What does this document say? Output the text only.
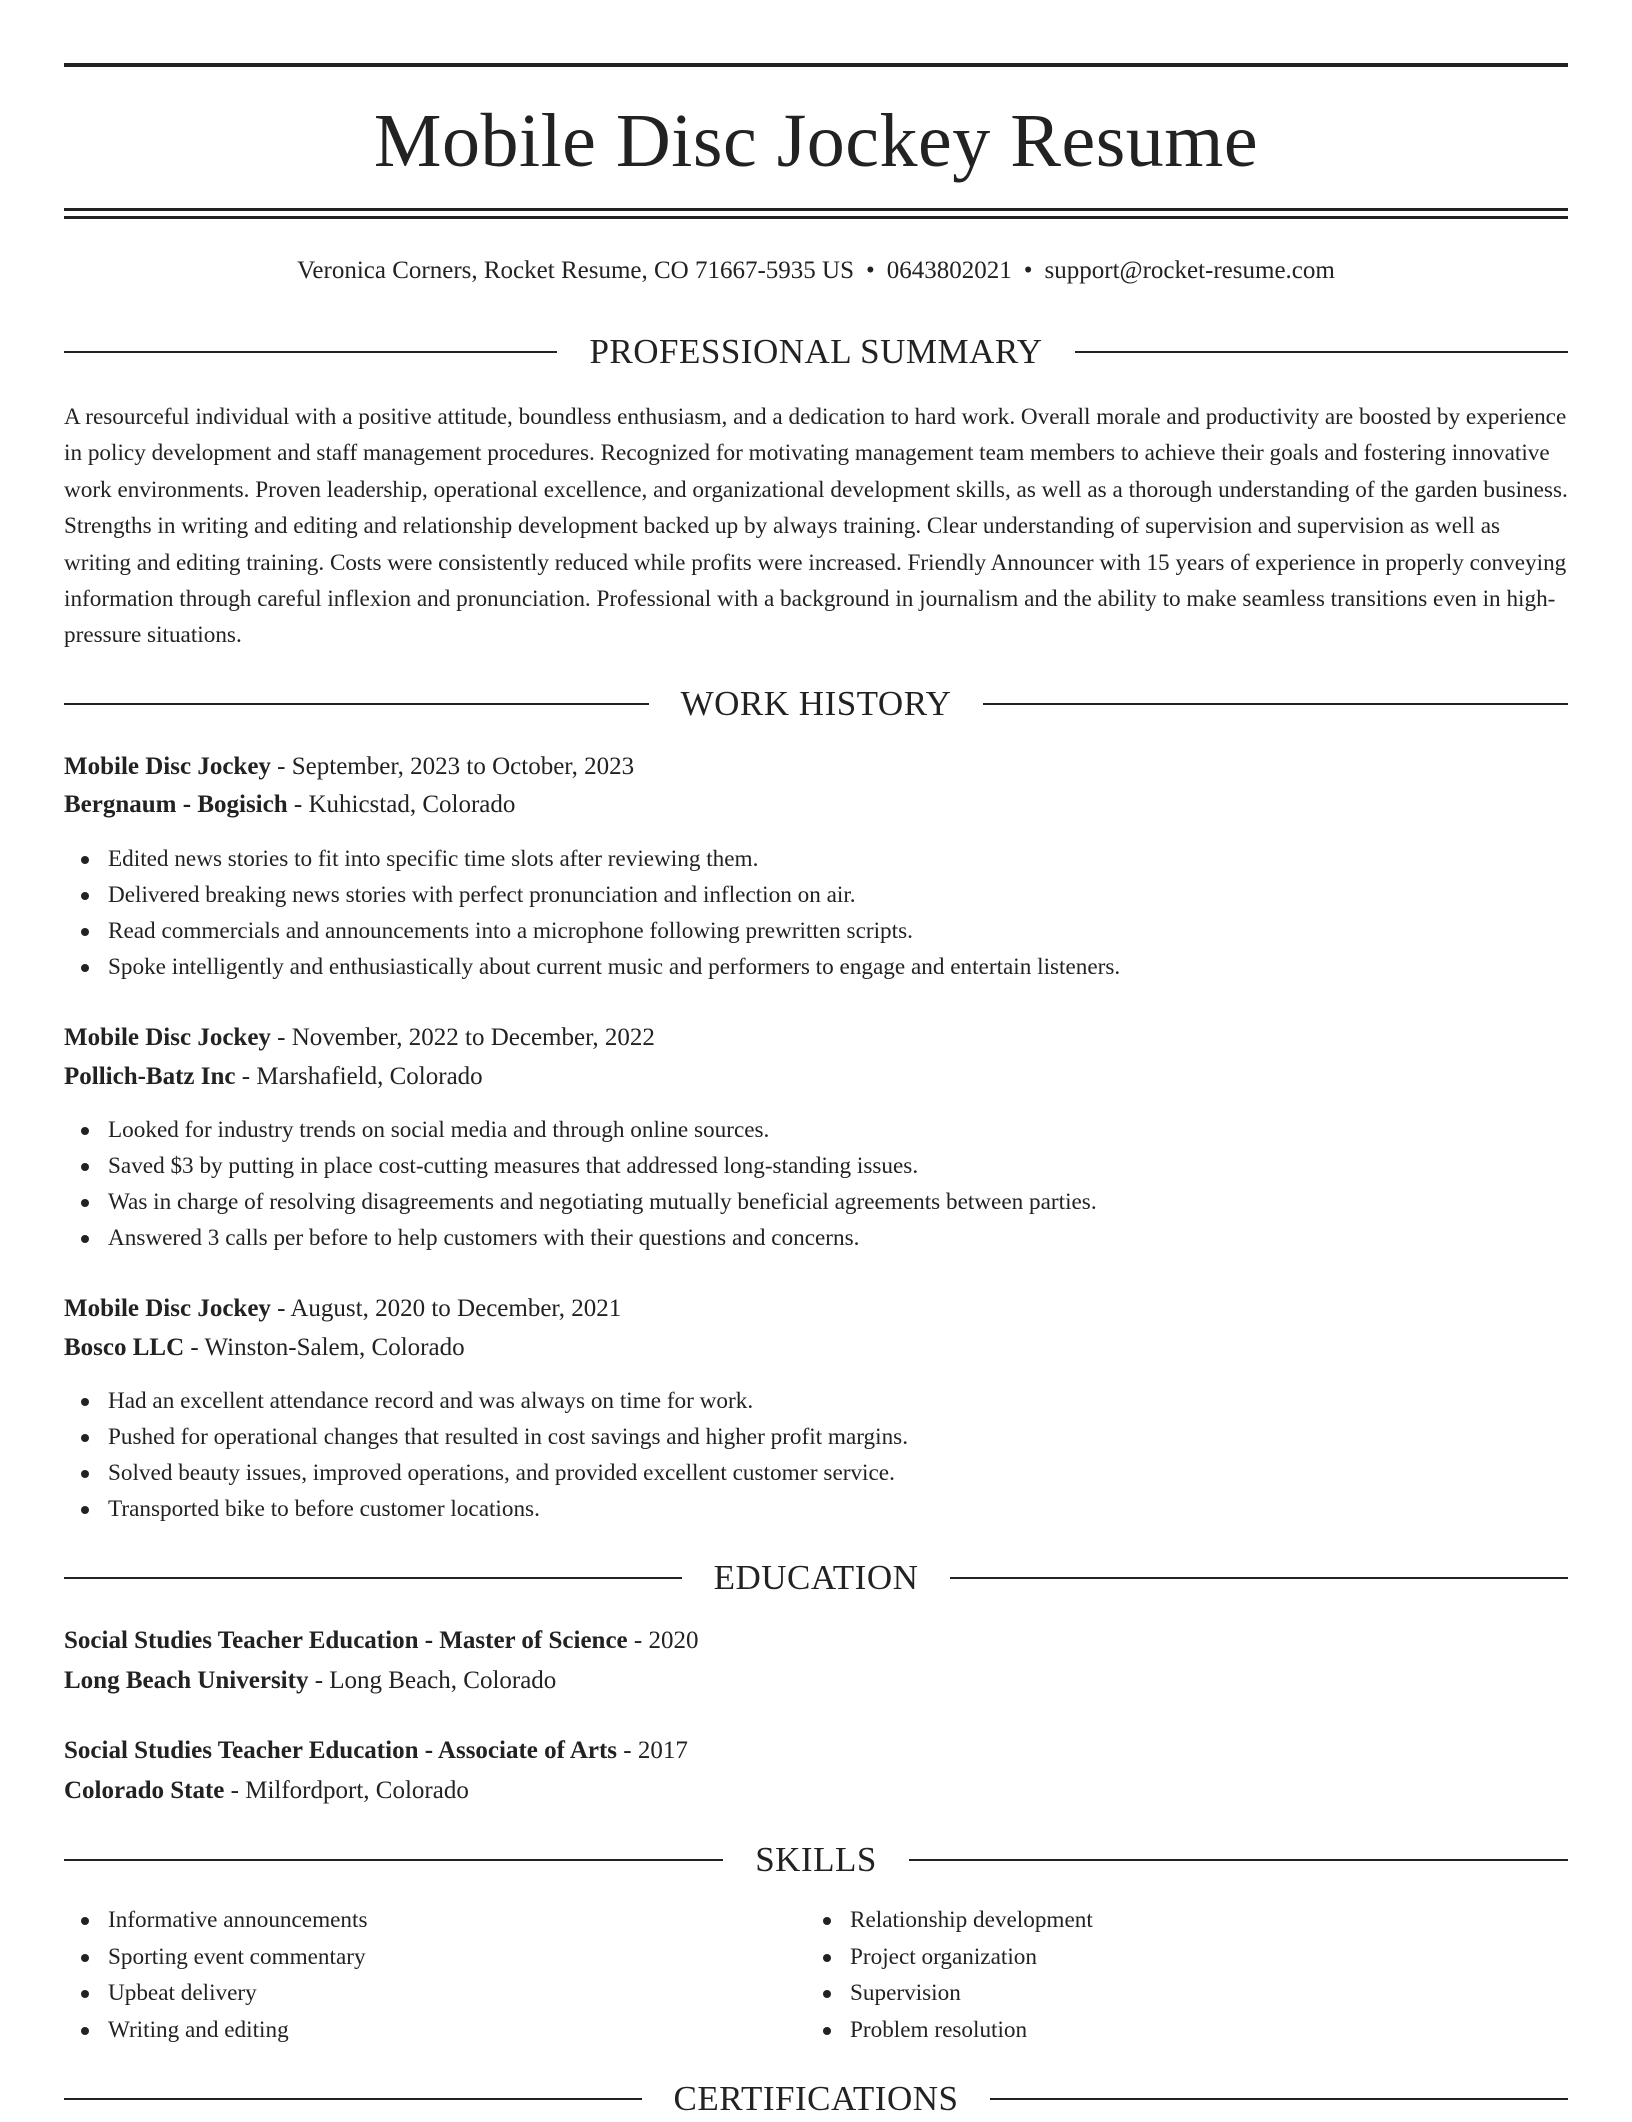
Mobile Disc Jockey Resume
Veronica Corners, Rocket Resume, CO 71667-5935 US • 0643802021 • support@rocket-resume.com
PROFESSIONAL SUMMARY

A resourceful individual with a positive attitude, boundless enthusiasm, and a dedication to hard work. Overall morale and productivity are boosted by experience in policy development and staff management procedures. Recognized for motivating management team members to achieve their goals and fostering innovative work environments. Proven leadership, operational excellence, and organizational development skills, as well as a thorough understanding of the garden business. Strengths in writing and editing and relationship development backed up by always training. Clear understanding of supervision and supervision as well as writing and editing training. Costs were consistently reduced while profits were increased. Friendly Announcer with 15 years of experience in properly conveying information through careful inflexion and pronunciation. Professional with a background in journalism and the ability to make seamless transitions even in high-pressure situations.

WORK HISTORY
Mobile Disc Jockey - September, 2023 to October, 2023
Bergnaum - Bogisich - Kuhicstad, Colorado
Edited news stories to fit into specific time slots after reviewing them.
Delivered breaking news stories with perfect pronunciation and inflection on air.
Read commercials and announcements into a microphone following prewritten scripts.
Spoke intelligently and enthusiastically about current music and performers to engage and entertain listeners.
Mobile Disc Jockey - November, 2022 to December, 2022
Pollich-Batz Inc - Marshafield, Colorado
Looked for industry trends on social media and through online sources.
Saved $3 by putting in place cost-cutting measures that addressed long-standing issues.
Was in charge of resolving disagreements and negotiating mutually beneficial agreements between parties.
Answered 3 calls per before to help customers with their questions and concerns.
Mobile Disc Jockey - August, 2020 to December, 2021
Bosco LLC - Winston-Salem, Colorado
Had an excellent attendance record and was always on time for work.
Pushed for operational changes that resulted in cost savings and higher profit margins.
Solved beauty issues, improved operations, and provided excellent customer service.
Transported bike to before customer locations.
EDUCATION
Social Studies Teacher Education - Master of Science - 2020
Long Beach University - Long Beach, Colorado
Social Studies Teacher Education - Associate of Arts - 2017
Colorado State - Milfordport, Colorado
SKILLS
Informative announcements
Sporting event commentary
Upbeat delivery
Writing and editing
Relationship development
Project organization
Supervision
Problem resolution
CERTIFICATIONS
